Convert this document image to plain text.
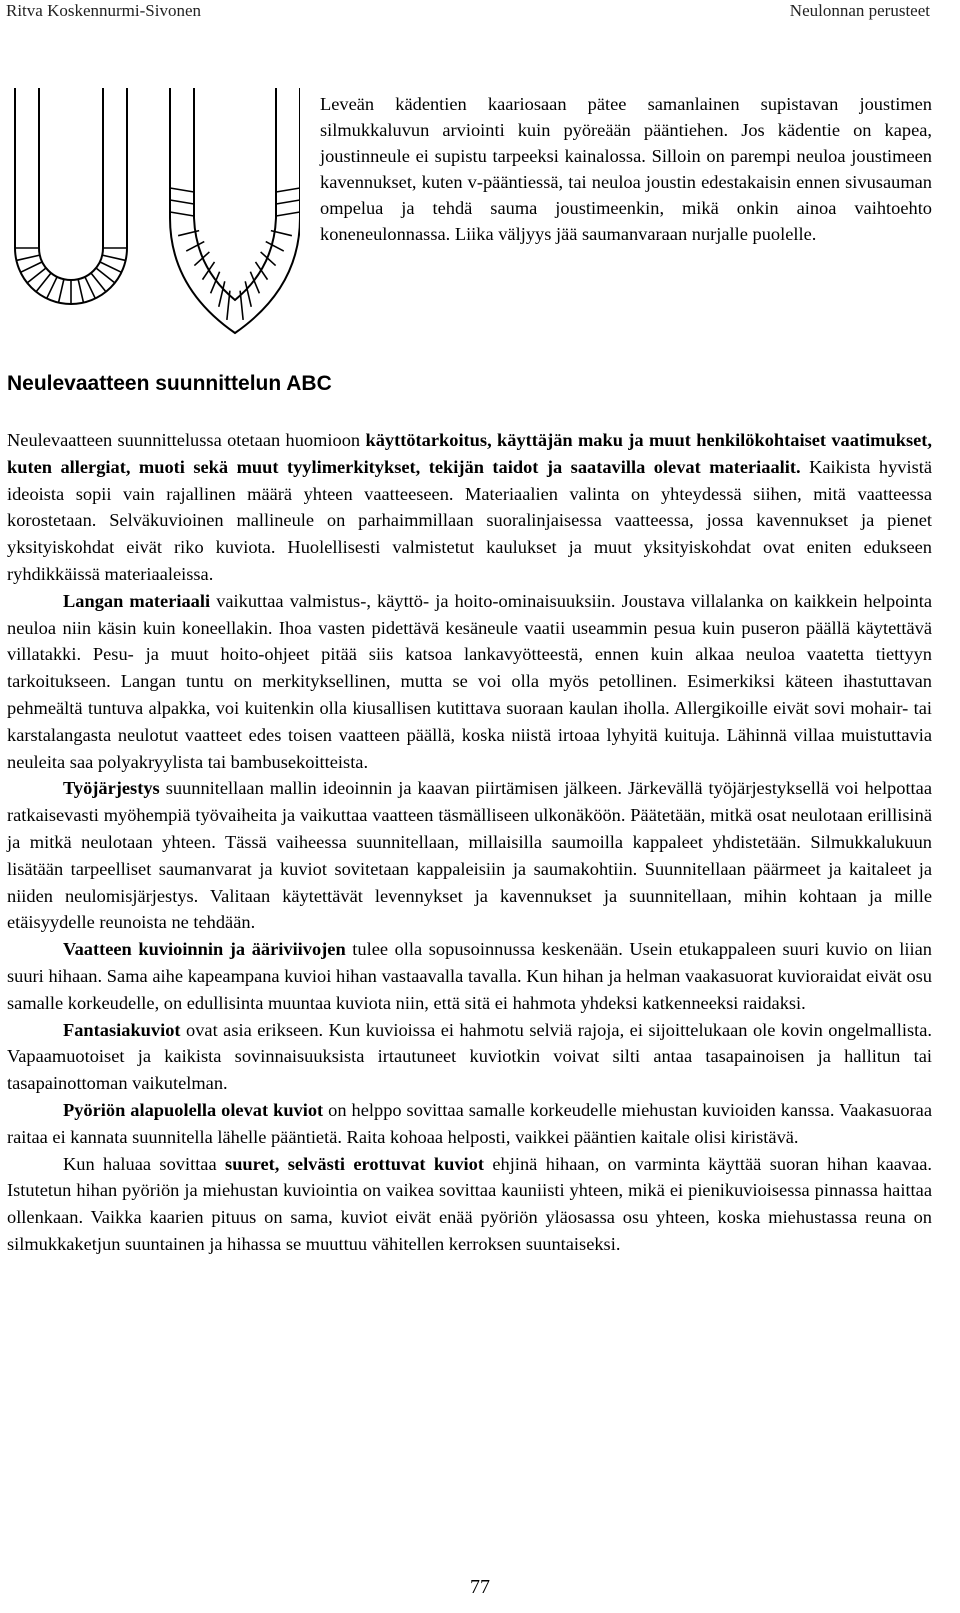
Ritva Koskennurmi-Sivonen	Neulonnan perusteet

Leveän kädentien kaariosaan pätee samanlainen supistavan joustimen silmukkaluvun arviointi kuin pyöreään pääntiehen. Jos kädentie on kapea, joustinneule ei supistu tarpeeksi kainalossa. Silloin on parempi neuloa joustimeen kavennukset, kuten v-pääntiessä, tai neuloa joustin edestakaisin ennen sivusauman ompelua ja tehdä sauma joustimeenkin, mikä onkin ainoa vaihtoehto koneneulonnassa. Liika väljyys jää saumanvaraan nurjalle puolelle.

Neulevaatteen suunnittelun ABC

Neulevaatteen suunnittelussa otetaan huomioon käyttötarkoitus, käyttäjän maku ja muut henkilökohtaiset vaatimukset, kuten allergiat, muoti sekä muut tyylimerkitykset, tekijän taidot ja saatavilla olevat materiaalit. Kaikista hyvistä ideoista sopii vain rajallinen määrä yhteen vaatteeseen. Materiaalien valinta on yhteydessä siihen, mitä vaatteessa korostetaan. Selväkuvioinen mallineule on parhaimmillaan suoralinjaisessa vaatteessa, jossa kavennukset ja pienet yksityiskohdat eivät riko kuviota. Huolellisesti valmistetut kaulukset ja muut yksityiskohdat ovat eniten edukseen ryhdikkäissä materiaaleissa.

Langan materiaali vaikuttaa valmistus-, käyttö- ja hoito-ominaisuuksiin. Joustava villalanka on kaikkein helpointa neuloa niin käsin kuin koneellakin. Ihoa vasten pidettävä kesäneule vaatii useammin pesua kuin puseron päällä käytettävä villatakki. Pesu- ja muut hoito-ohjeet pitää siis katsoa lankavyötteestä, ennen kuin alkaa neuloa vaatetta tiettyyn tarkoitukseen. Langan tuntu on merkityksellinen, mutta se voi olla myös petollinen. Esimerkiksi käteen ihastuttavan pehmeältä tuntuva alpakka, voi kuitenkin olla kiusallisen kutittava suoraan kaulan iholla. Allergikoille eivät sovi mohair- tai karstalangasta neulotut vaatteet edes toisen vaatteen päällä, koska niistä irtoaa lyhyitä kuituja. Lähinnä villaa muistuttavia neuleita saa polyakryylista tai bambusekoitteista.

Työjärjestys suunnitellaan mallin ideoinnin ja kaavan piirtämisen jälkeen. Järkevällä työjärjestyksellä voi helpottaa ratkaisevasti myöhempiä työvaiheita ja vaikuttaa vaatteen täsmälliseen ulkonäköön. Päätetään, mitkä osat neulotaan erillisinä ja mitkä neulotaan yhteen. Tässä vaiheessa suunnitellaan, millaisilla saumoilla kappaleet yhdistetään. Silmukkalukuun lisätään tarpeelliset saumanvarat ja kuviot sovitetaan kappaleisiin ja saumakohtiin. Suunnitellaan päärmeet ja kaitaleet ja niiden neulomisjärjestys. Valitaan käytettävät levennykset ja kavennukset ja suunnitellaan, mihin kohtaan ja mille etäisyydelle reunoista ne tehdään.

Vaatteen kuvioinnin ja ääriviivojen tulee olla sopusoinnussa keskenään. Usein etukappaleen suuri kuvio on liian suuri hihaan. Sama aihe kapeampana kuvioi hihan vastaavalla tavalla. Kun hihan ja helman vaakasuorat kuvioraidat eivät osu samalle korkeudelle, on edullisinta muuntaa kuviota niin, että sitä ei hahmota yhdeksi katkenneeksi raidaksi.

Fantasiakuviot ovat asia erikseen. Kun kuvioissa ei hahmotu selviä rajoja, ei sijoittelukaan ole kovin ongelmallista. Vapaamuotoiset ja kaikista sovinnaisuuksista irtautuneet kuviotkin voivat silti antaa tasapainoisen ja hallitun tai tasapainottoman vaikutelman.

Pyöriön alapuolella olevat kuviot on helppo sovittaa samalle korkeudelle miehustan kuvioiden kanssa. Vaakasuoraa raitaa ei kannata suunnitella lähelle pääntietä. Raita kohoaa helposti, vaikkei pääntien kaitale olisi kiristävä.

Kun haluaa sovittaa suuret, selvästi erottuvat kuviot ehjinä hihaan, on varminta käyttää suoran hihan kaavaa. Istutetun hihan pyöriön ja miehustan kuviointia on vaikea sovittaa kauniisti yhteen, mikä ei pienikuvioisessa pinnassa haittaa ollenkaan. Vaikka kaarien pituus on sama, kuviot eivät enää pyöriön yläosassa osu yhteen, koska miehustassa reuna on silmukkaketjun suuntainen ja hihassa se muuttuu vähitellen kerroksen suuntaiseksi.

77
